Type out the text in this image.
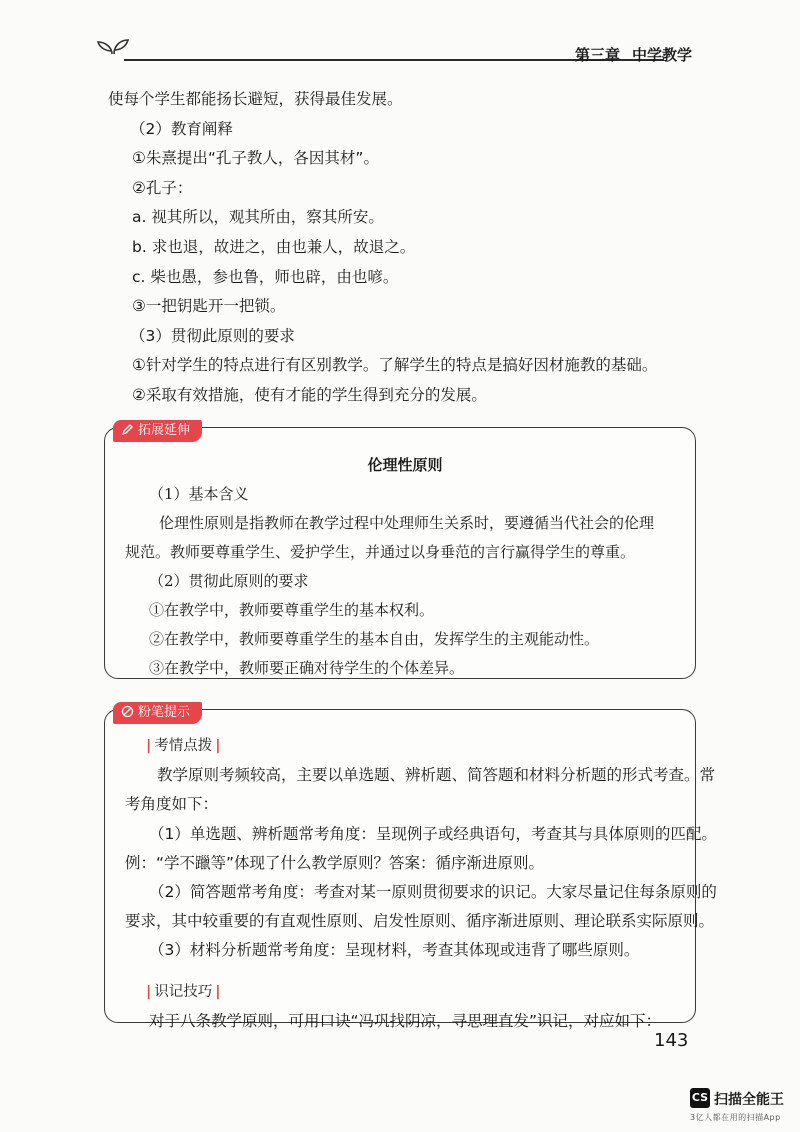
第三章 中学教学
使每个学生都能扬长避短，获得最佳发展。
（2）教育阐释
①朱熹提出“孔子教人，各因其材”。
②孔子：
a. 视其所以，观其所由，察其所安。
b. 求也退，故进之，由也兼人，故退之。
c. 柴也愚，参也鲁，师也辟，由也喭。
③一把钥匙开一把锁。
（3）贯彻此原则的要求
①针对学生的特点进行有区别教学。了解学生的特点是搞好因材施教的基础。
②采取有效措施，使有才能的学生得到充分的发展。
拓展延伸
伦理性原则
（1）基本含义
伦理性原则是指教师在教学过程中处理师生关系时，要遵循当代社会的伦理
规范。教师要尊重学生、爱护学生，并通过以身垂范的言行赢得学生的尊重。
（2）贯彻此原则的要求
①在教学中，教师要尊重学生的基本权利。
②在教学中，教师要尊重学生的基本自由，发挥学生的主观能动性。
③在教学中，教师要正确对待学生的个体差异。
粉笔提示
| 考情点拨 |
教学原则考频较高，主要以单选题、辨析题、简答题和材料分析题的形式考查。常
考角度如下：
（1）单选题、辨析题常考角度：呈现例子或经典语句，考查其与具体原则的匹配。
例：“学不躐等”体现了什么教学原则？答案：循序渐进原则。
（2）简答题常考角度：考查对某一原则贯彻要求的识记。大家尽量记住每条原则的
要求，其中较重要的有直观性原则、启发性原则、循序渐进原则、理论联系实际原则。
（3）材料分析题常考角度：呈现材料，考查其体现或违背了哪些原则。
| 识记技巧 |
对于八条教学原则，可用口诀“冯巩找阴凉，寻思理直发”识记，对应如下：
143
CS 扫描全能王
3亿人都在用的扫描App
